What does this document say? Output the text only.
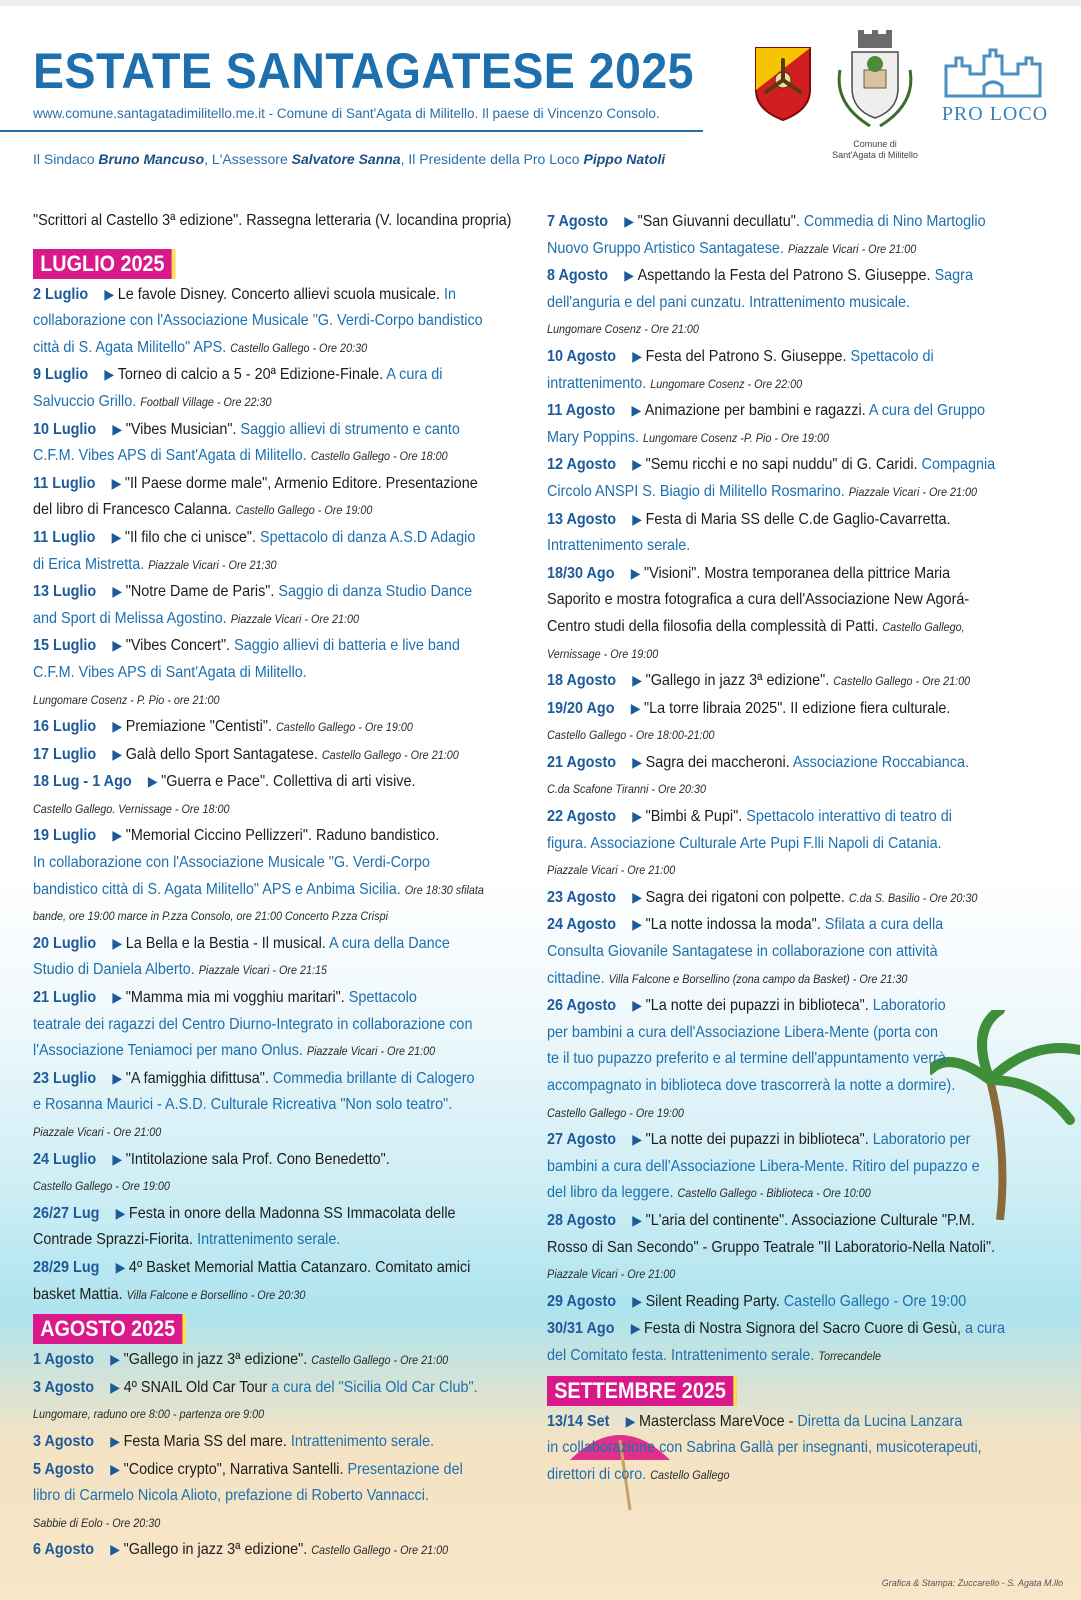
ESTATE SANTAGATESE 2025
www.comune.santagatadimilitello.me.it - Comune di Sant'Agata di Militello. Il paese di Vincenzo Consolo.
Il Sindaco Bruno Mancuso, L'Assessore Salvatore Sanna, Il Presidente della Pro Loco Pippo Natoli
Comune di
Sant'Agata di Militello
PRO LOCO
"Scrittori al Castello 3ª edizione". Rassegna letteraria (V. locandina propria)
LUGLIO 2025
2 Luglio ▶ Le favole Disney. Concerto allievi scuola musicale. In
collaborazione con l'Associazione Musicale "G. Verdi-Corpo bandistico
città di S. Agata Militello" APS. Castello Gallego - Ore 20:30
9 Luglio ▶ Torneo di calcio a 5 - 20ª Edizione-Finale. A cura di
Salvuccio Grillo. Football Village - Ore 22:30
10 Luglio ▶ "Vibes Musician". Saggio allievi di strumento e canto
C.F.M. Vibes APS di Sant'Agata di Militello. Castello Gallego - Ore 18:00
11 Luglio ▶ "Il Paese dorme male", Armenio Editore. Presentazione
del libro di Francesco Calanna. Castello Gallego - Ore 19:00
11 Luglio ▶ "Il filo che ci unisce". Spettacolo di danza A.S.D Adagio
di Erica Mistretta. Piazzale Vicari - Ore 21:30
13 Luglio ▶ "Notre Dame de Paris". Saggio di danza Studio Dance
and Sport di Melissa Agostino. Piazzale Vicari - Ore 21:00
15 Luglio ▶ "Vibes Concert". Saggio allievi di batteria e live band
C.F.M. Vibes APS di Sant'Agata di Militello.
Lungomare Cosenz - P. Pio - ore 21:00
16 Luglio ▶ Premiazione "Centisti". Castello Gallego - Ore 19:00
17 Luglio ▶ Galà dello Sport Santagatese. Castello Gallego - Ore 21:00
18 Lug - 1 Ago ▶ "Guerra e Pace". Collettiva di arti visive.
Castello Gallego. Vernissage - Ore 18:00
19 Luglio ▶ "Memorial Ciccino Pellizzeri". Raduno bandistico.
In collaborazione con l'Associazione Musicale "G. Verdi-Corpo
bandistico città di S. Agata Militello" APS e Anbima Sicilia. Ore 18:30 sfilata
bande, ore 19:00 marce in P.zza Consolo, ore 21:00 Concerto P.zza Crispi
20 Luglio ▶ La Bella e la Bestia - Il musical. A cura della Dance
Studio di Daniela Alberto. Piazzale Vicari - Ore 21:15
21 Luglio ▶ "Mamma mia mi vogghiu maritari". Spettacolo
teatrale dei ragazzi del Centro Diurno-Integrato in collaborazione con
l'Associazione Teniamoci per mano Onlus. Piazzale Vicari - Ore 21:00
23 Luglio ▶ "A famigghia difittusa". Commedia brillante di Calogero
e Rosanna Maurici - A.S.D. Culturale Ricreativa "Non solo teatro".
Piazzale Vicari - Ore 21:00
24 Luglio ▶ "Intitolazione sala Prof. Cono Benedetto".
Castello Gallego - Ore 19:00
26/27 Lug ▶ Festa in onore della Madonna SS Immacolata delle
Contrade Sprazzi-Fiorita. Intrattenimento serale.
28/29 Lug ▶ 4º Basket Memorial Mattia Catanzaro. Comitato amici
basket Mattia. Villa Falcone e Borsellino - Ore 20:30
AGOSTO 2025
1 Agosto ▶ "Gallego in jazz 3ª edizione". Castello Gallego - Ore 21:00
3 Agosto ▶ 4º SNAIL Old Car Tour a cura del "Sicilia Old Car Club".
Lungomare, raduno ore 8:00 - partenza ore 9:00
3 Agosto ▶ Festa Maria SS del mare. Intrattenimento serale.
5 Agosto ▶ "Codice crypto", Narrativa Santelli. Presentazione del
libro di Carmelo Nicola Alioto, prefazione di Roberto Vannacci.
Sabbie di Eolo - Ore 20:30
6 Agosto ▶ "Gallego in jazz 3ª edizione". Castello Gallego - Ore 21:00
7 Agosto ▶ "San Giuvanni decullatu". Commedia di Nino Martoglio
Nuovo Gruppo Artistico Santagatese. Piazzale Vicari - Ore 21:00
8 Agosto ▶ Aspettando la Festa del Patrono S. Giuseppe. Sagra
dell'anguria e del pani cunzatu. Intrattenimento musicale.
Lungomare Cosenz - Ore 21:00
10 Agosto ▶ Festa del Patrono S. Giuseppe. Spettacolo di
intrattenimento. Lungomare Cosenz - Ore 22:00
11 Agosto ▶ Animazione per bambini e ragazzi. A cura del Gruppo
Mary Poppins. Lungomare Cosenz -P. Pio - Ore 19:00
12 Agosto ▶ "Semu ricchi e no sapi nuddu" di G. Caridi. Compagnia
Circolo ANSPI S. Biagio di Militello Rosmarino. Piazzale Vicari - Ore 21:00
13 Agosto ▶ Festa di Maria SS delle C.de Gaglio-Cavarretta.
Intrattenimento serale.
18/30 Ago ▶ "Visioni". Mostra temporanea della pittrice Maria
Saporito e mostra fotografica a cura dell'Associazione New Agorá-
Centro studi della filosofia della complessità di Patti. Castello Gallego,
Vernissage - Ore 19:00
18 Agosto ▶ "Gallego in jazz 3ª edizione". Castello Gallego - Ore 21:00
19/20 Ago ▶ "La torre libraia 2025". II edizione fiera culturale.
Castello Gallego - Ore 18:00-21:00
21 Agosto ▶ Sagra dei maccheroni. Associazione Roccabianca.
C.da Scafone Tiranni - Ore 20:30
22 Agosto ▶ "Bimbi & Pupi". Spettacolo interattivo di teatro di
figura. Associazione Culturale Arte Pupi F.lli Napoli di Catania.
Piazzale Vicari - Ore 21:00
23 Agosto ▶ Sagra dei rigatoni con polpette. C.da S. Basilio - Ore 20:30
24 Agosto ▶ "La notte indossa la moda". Sfilata a cura della
Consulta Giovanile Santagatese in collaborazione con attività
cittadine. Villa Falcone e Borsellino (zona campo da Basket) - Ore 21:30
26 Agosto ▶ "La notte dei pupazzi in biblioteca". Laboratorio
per bambini a cura dell'Associazione Libera-Mente (porta con
te il tuo pupazzo preferito e al termine dell'appuntamento verrà
accompagnato in biblioteca dove trascorrerà la notte a dormire).
Castello Gallego - Ore 19:00
27 Agosto ▶ "La notte dei pupazzi in biblioteca". Laboratorio per
bambini a cura dell'Associazione Libera-Mente. Ritiro del pupazzo e
del libro da leggere. Castello Gallego - Biblioteca - Ore 10:00
28 Agosto ▶ "L'aria del continente". Associazione Culturale "P.M.
Rosso di San Secondo" - Gruppo Teatrale "Il Laboratorio-Nella Natoli".
Piazzale Vicari - Ore 21:00
29 Agosto ▶ Silent Reading Party. Castello Gallego - Ore 19:00
30/31 Ago ▶ Festa di Nostra Signora del Sacro Cuore di Gesù, a cura
del Comitato festa. Intrattenimento serale. Torrecandele
SETTEMBRE 2025
13/14 Set ▶ Masterclass MareVoce - Diretta da Lucina Lanzara
in collaborazione con Sabrina Gallà per insegnanti, musicoterapeuti,
direttori di coro. Castello Gallego
Grafica & Stampa: Zuccarello - S. Agata M.llo
